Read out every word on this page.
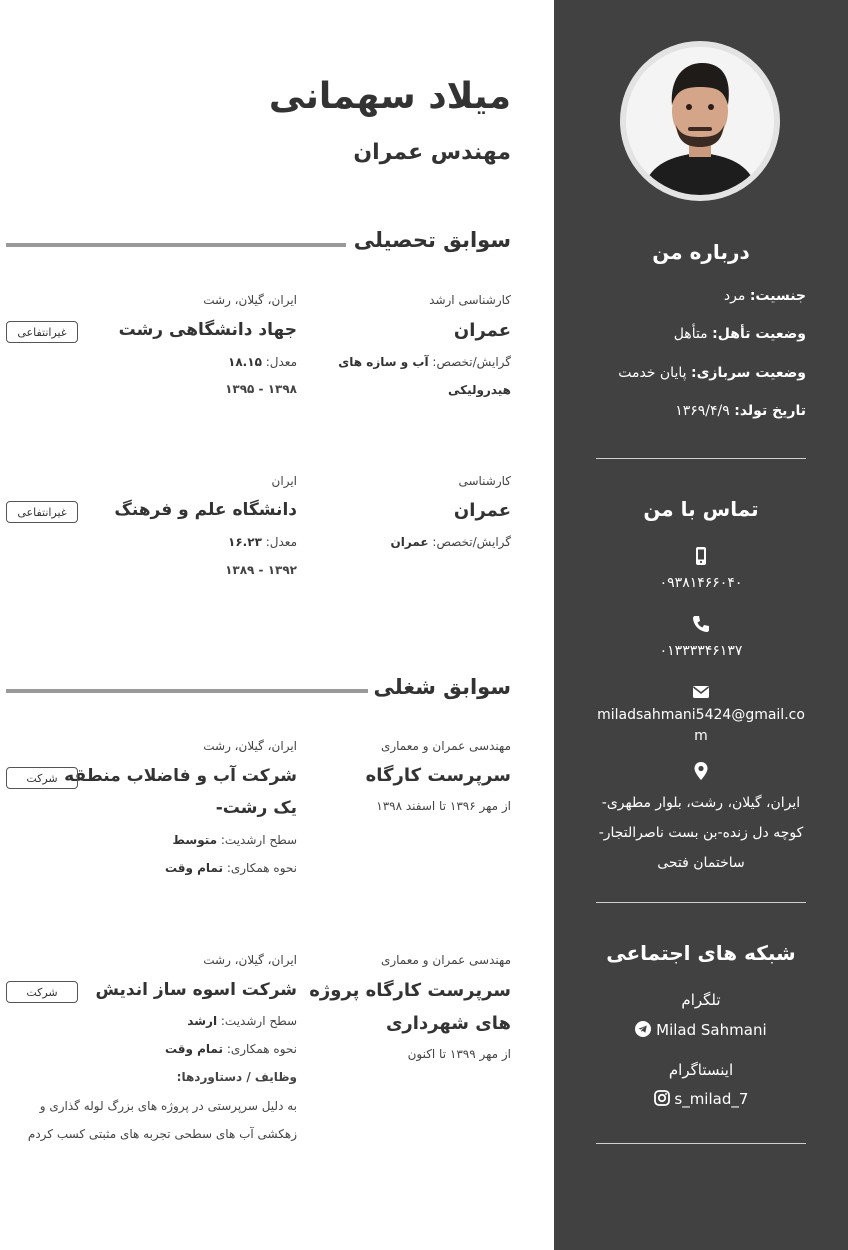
درباره من
جنسیت: مرد
وضعیت تأهل: متأهل
وضعیت سربازی: پایان خدمت
تاریخ تولد: ۱۳۶۹/۴/۹
تماس با من
۰۹۳۸۱۴۶۶۰۴۰
۰۱۳۳۳۳۴۶۱۳۷
miladsahmani5424@gmail.co
m
ایران، گیلان، رشت، بلوار مطهری-
کوچه دل زنده-بن بست ناصرالتجار-
ساختمان فتحی
شبکه های اجتماعی
تلگرام
Milad Sahmani
اینستاگرام
s_milad_7
میلاد سهمانی
مهندس عمران
سوابق تحصیلی
کارشناسی ارشد
عمران
گرایش/تخصص: آب و سازه های
هیدرولیکی
ایران، گیلان، رشت
جهاد دانشگاهی رشت
معدل: ۱۸.۱۵
۱۳۹۸ - ۱۳۹۵
غیرانتفاعی
کارشناسی
عمران
گرایش/تخصص: عمران
ایران
دانشگاه علم و فرهنگ
معدل: ۱۶.۲۳
۱۳۹۲ - ۱۳۸۹
غیرانتفاعی
سوابق شغلی
مهندسی عمران و معماری
سرپرست کارگاه
از مهر ۱۳۹۶ تا اسفند ۱۳۹۸
ایران، گیلان، رشت
شرکت آب و فاضلاب منطقه
یک رشت-
سطح ارشدیت: متوسط
نحوه همکاری: تمام وقت
شرکت
مهندسی عمران و معماری
سرپرست کارگاه پروژه
های شهرداری
از مهر ۱۳۹۹ تا اکنون
ایران، گیلان، رشت
شرکت اسوه ساز اندیش
سطح ارشدیت: ارشد
نحوه همکاری: تمام وقت
وظایف / دستاوردها:
به دلیل سرپرستی در پروژه های بزرگ لوله گذاری و
زهکشی آب های سطحی تجربه های مثبتی کسب کردم
شرکت
